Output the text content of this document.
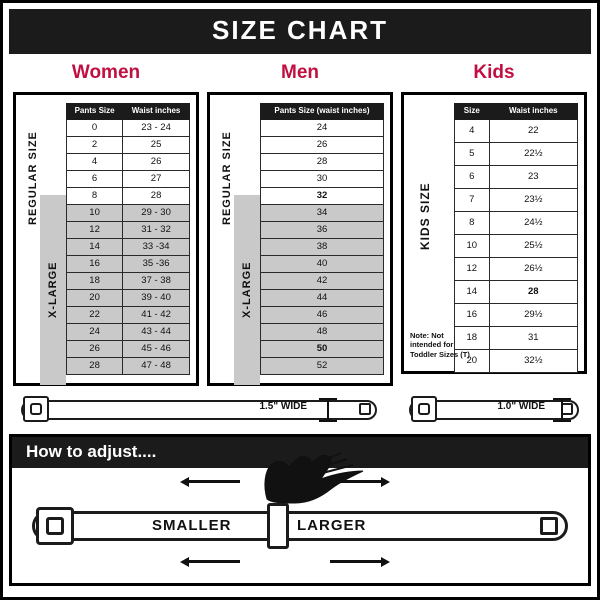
SIZE CHART
Women
REGULAR SIZE
X-LARGE
Pants Size	Waist inches
0	23 - 24
2	25
4	26
6	27
8	28
10	29 - 30
12	31 - 32
14	33 -34
16	35 -36
18	37 - 38
20	39 - 40
22	41 - 42
24	43 - 44
26	45 - 46
28	47 - 48
Men
REGULAR SIZE
X-LARGE
Pants Size (waist inches)
24
26
28
30
32
34
36
38
40
42
44
46
48
50
52
Kids
KIDS SIZE
Note: Not intended for Toddler Sizes (T)
Size	Waist inches
4	22
5	22½
6	23
7	23½
8	24½
10	25½
12	26½
14	28
16	29½
18	31
20	32½
1.5" WIDE	1.0" WIDE
How to adjust....
SMALLER	LARGER
